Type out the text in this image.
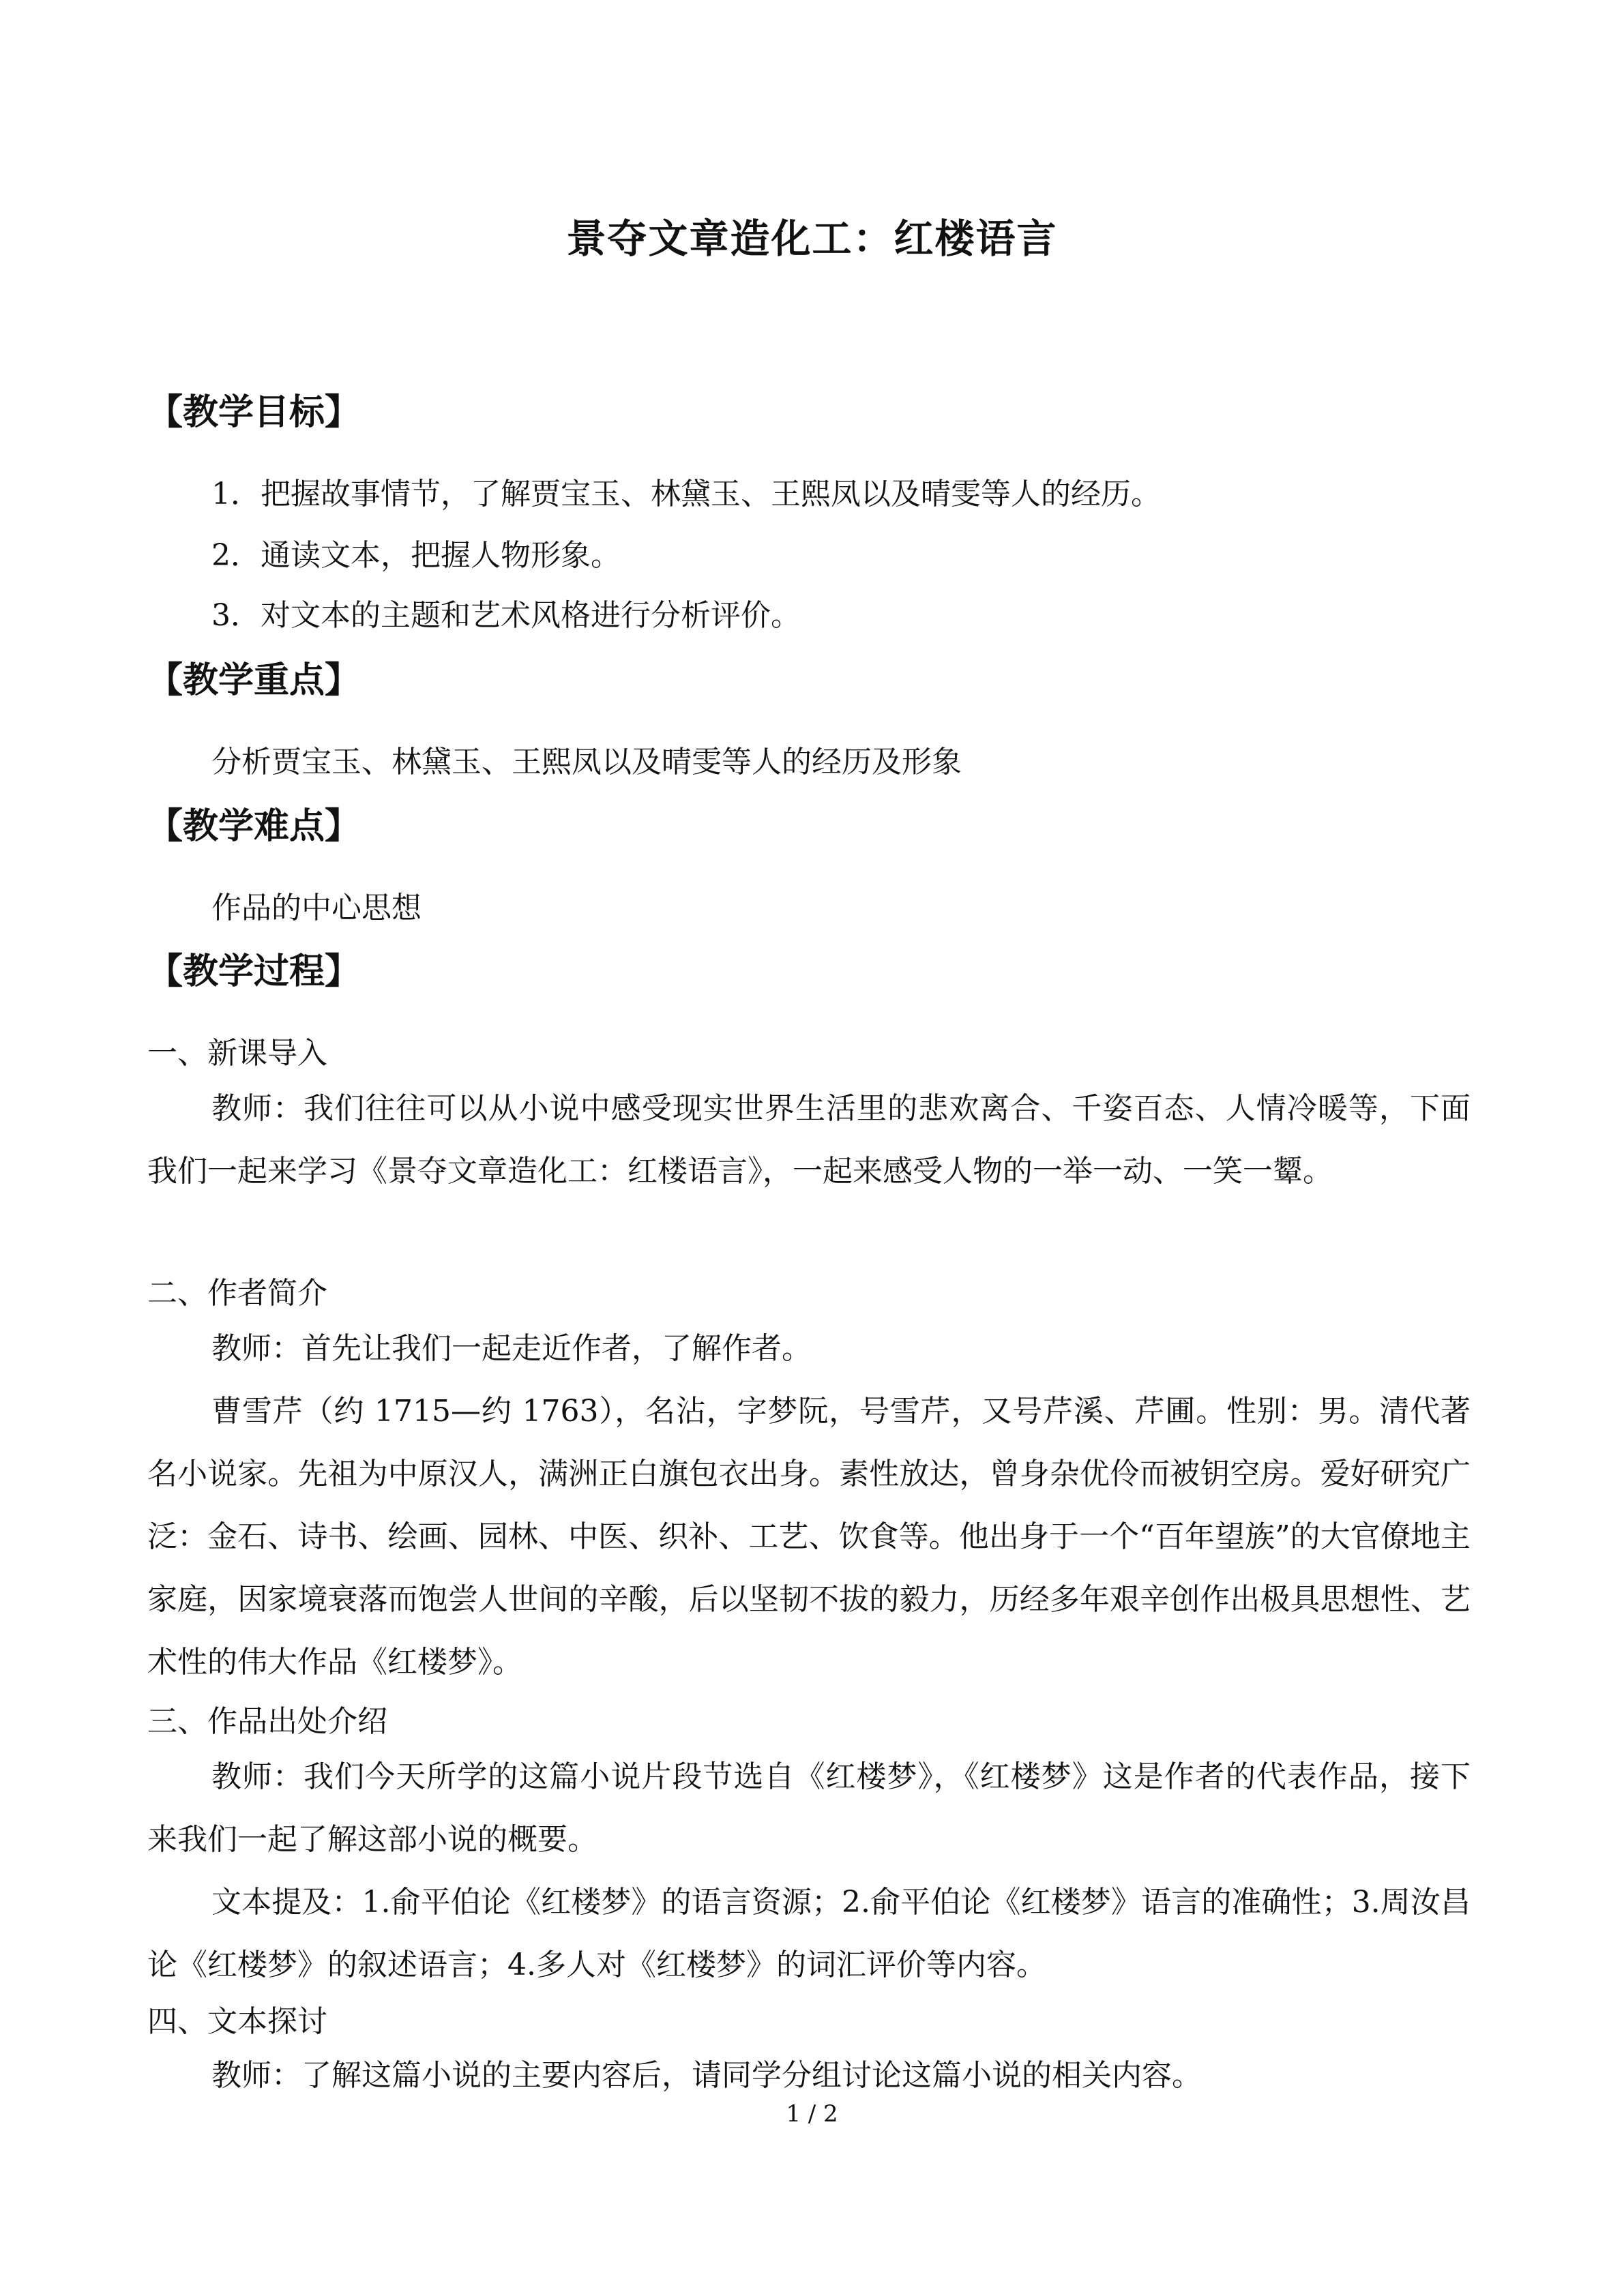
景夺文章造化工：红楼语言
【教学目标】
1．把握故事情节，了解贾宝玉、林黛玉、王熙凤以及晴雯等人的经历。
2．通读文本，把握人物形象。
3．对文本的主题和艺术风格进行分析评价。
【教学重点】
分析贾宝玉、林黛玉、王熙凤以及晴雯等人的经历及形象
【教学难点】
作品的中心思想
【教学过程】
一、新课导入

教师：我们往往可以从小说中感受现实世界生活里的悲欢离合、千姿百态、人情冷暖等，下面我们一起来学习《景夺文章造化工：红楼语言》，一起来感受人物的一举一动、一笑一颦。

二、作者简介

教师：首先让我们一起走近作者，了解作者。

曹雪芹（约 1715—约 1763），名沾，字梦阮，号雪芹，又号芹溪、芹圃。性别：男。清代著名小说家。先祖为中原汉人，满洲正白旗包衣出身。素性放达，曾身杂优伶而被钥空房。爱好研究广泛：金石、诗书、绘画、园林、中医、织补、工艺、饮食等。他出身于一个“百年望族”的大官僚地主家庭，因家境衰落而饱尝人世间的辛酸，后以坚韧不拔的毅力，历经多年艰辛创作出极具思想性、艺术性的伟大作品《红楼梦》。

三、作品出处介绍

教师：我们今天所学的这篇小说片段节选自《红楼梦》，《红楼梦》这是作者的代表作品，接下来我们一起了解这部小说的概要。

文本提及：1.俞平伯论《红楼梦》的语言资源；2.俞平伯论《红楼梦》语言的准确性；3.周汝昌论《红楼梦》的叙述语言；4.多人对《红楼梦》的词汇评价等内容。

四、文本探讨

教师：了解这篇小说的主要内容后，请同学分组讨论这篇小说的相关内容。

1 / 2
